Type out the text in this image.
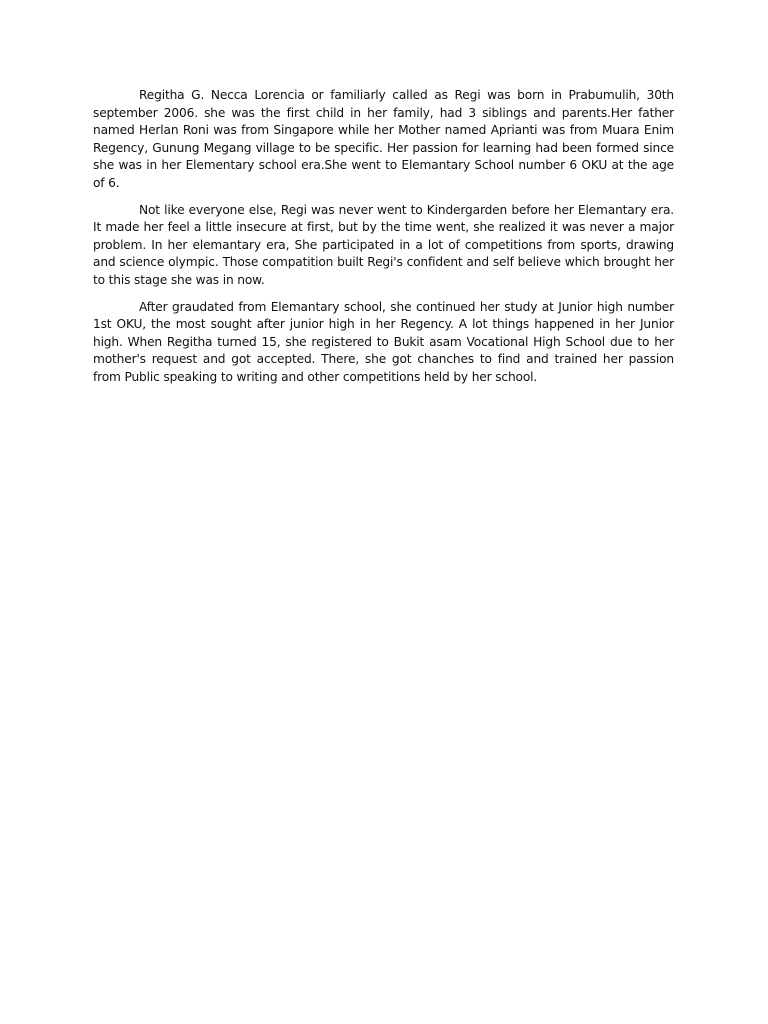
Regitha G. Necca Lorencia or familiarly called as Regi was born in Prabumulih, 30th september 2006. she was the first child in her family, had 3 siblings and parents.Her father named Herlan Roni was from Singapore while her Mother named Aprianti was from Muara Enim Regency, Gunung Megang village to be specific. Her passion for learning had been formed since she was in her Elementary school era.She went to Elemantary School number 6 OKU at the age of 6.

Not like everyone else, Regi was never went to Kindergarden before her Elemantary era. It made her feel a little insecure at first, but by the time went, she realized it was never a major problem. In her elemantary era, She participated in a lot of competitions from sports, drawing and science olympic. Those compatition built Regi's confident and self believe which brought her to this stage she was in now.

After graudated from Elemantary school, she continued her study at Junior high number 1st OKU, the most sought after junior high in her Regency. A lot things happened in her Junior high. When Regitha turned 15, she registered to Bukit asam Vocational High School due to her mother's request and got accepted. There, she got chanches to find and trained her passion from Public speaking to writing and other competitions held by her school.
